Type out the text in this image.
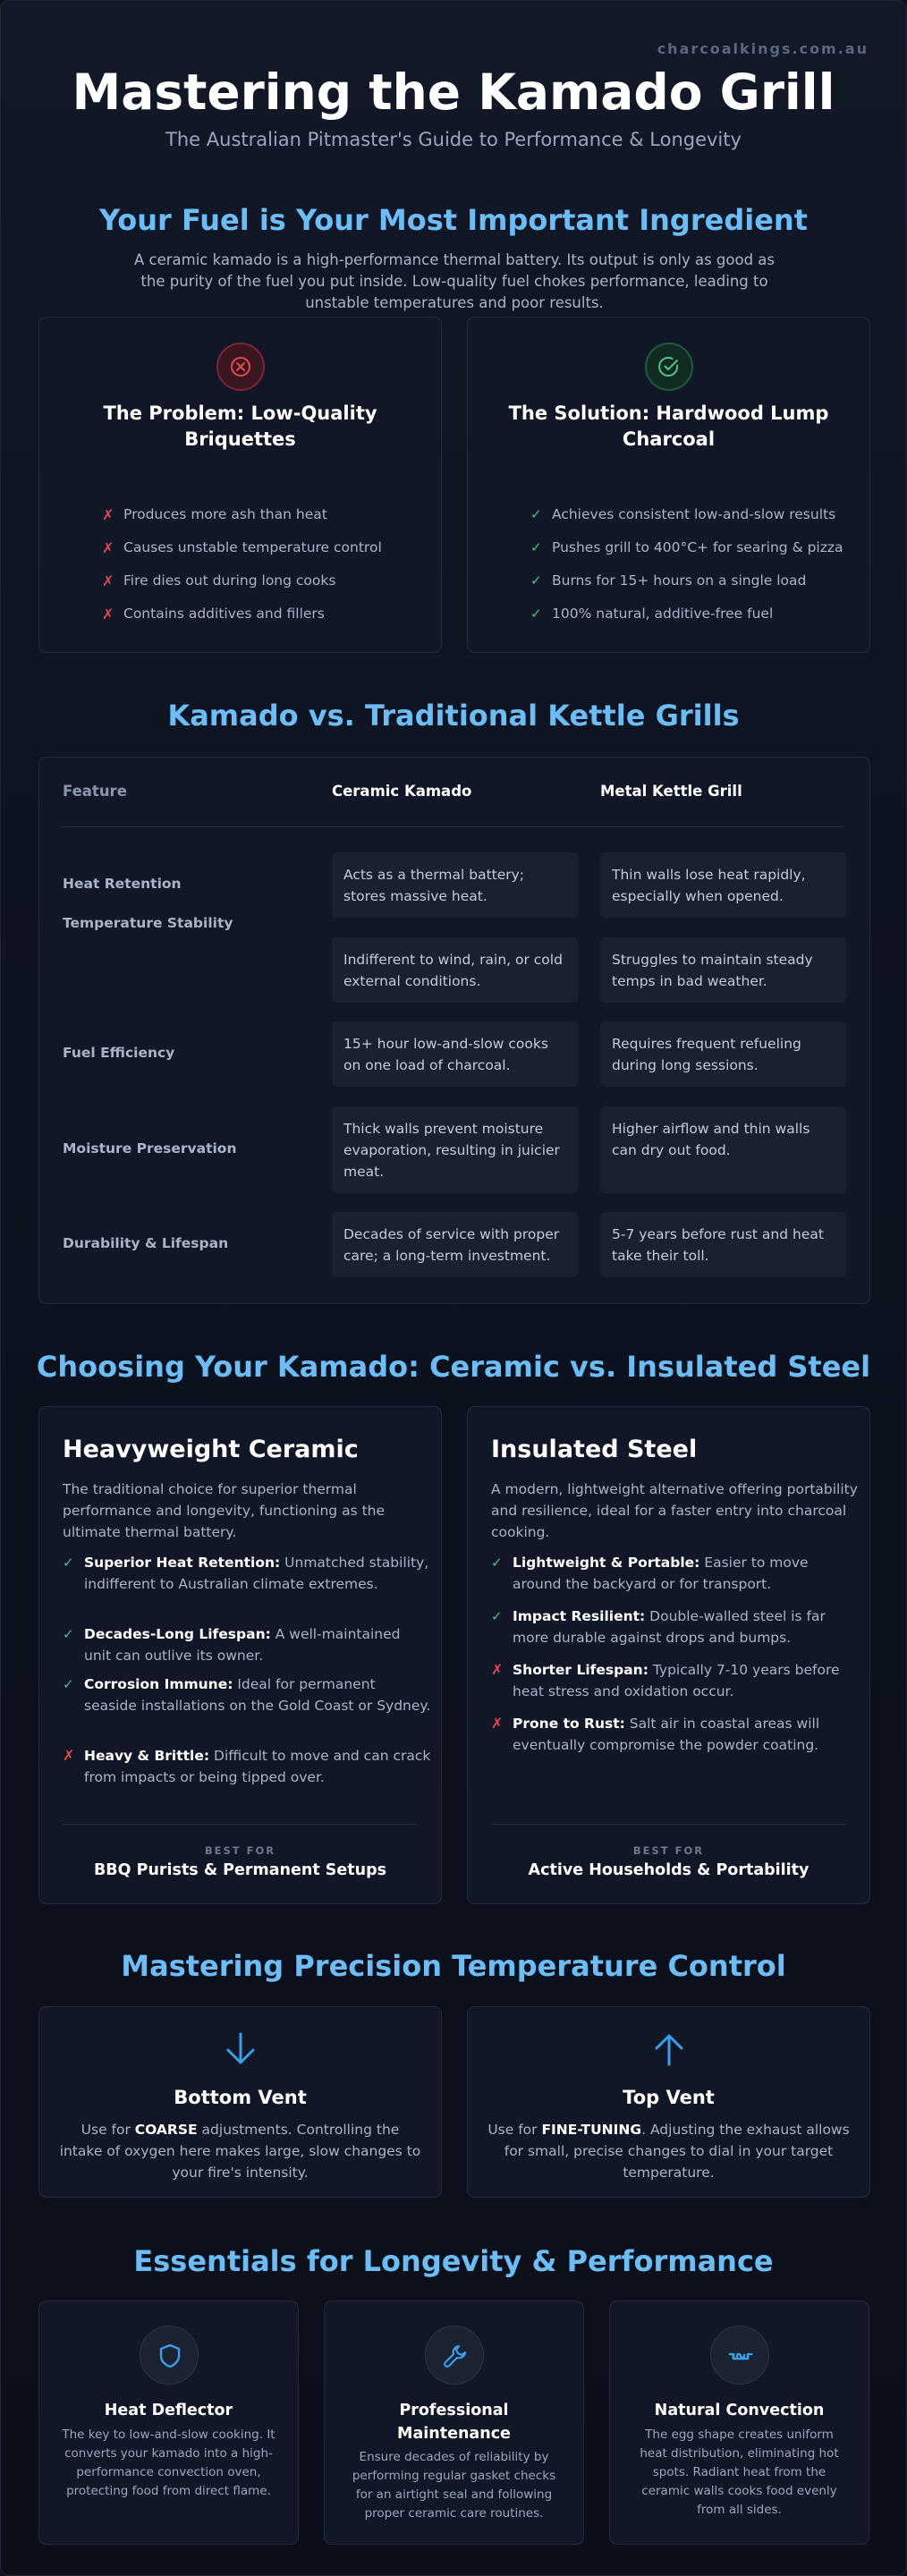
charcoalkings.com.au
Mastering the Kamado Grill
The Australian Pitmaster's Guide to Performance & Longevity
Your Fuel is Your Most Important Ingredient
A ceramic kamado is a high-performance thermal battery. Its output is only as good as the purity of the fuel you put inside. Low-quality fuel chokes performance, leading to unstable temperatures and poor results.
The Problem: Low-Quality Briquettes
✗ Produces more ash than heat
✗ Causes unstable temperature control
✗ Fire dies out during long cooks
✗ Contains additives and fillers
The Solution: Hardwood Lump Charcoal
✓ Achieves consistent low-and-slow results
✓ Pushes grill to 400°C+ for searing & pizza
✓ Burns for 15+ hours on a single load
✓ 100% natural, additive-free fuel
Kamado vs. Traditional Kettle Grills
Feature	Ceramic Kamado	Metal Kettle Grill
Heat Retention
Acts as a thermal battery; stores massive heat.
Thin walls lose heat rapidly, especially when opened.
Temperature Stability
Indifferent to wind, rain, or cold external conditions.
Struggles to maintain steady temps in bad weather.
Fuel Efficiency
15+ hour low-and-slow cooks on one load of charcoal.
Requires frequent refueling during long sessions.
Moisture Preservation
Thick walls prevent moisture evaporation, resulting in juicier meat.
Higher airflow and thin walls can dry out food.
Durability & Lifespan
Decades of service with proper care; a long-term investment.
5-7 years before rust and heat take their toll.
Choosing Your Kamado: Ceramic vs. Insulated Steel
Heavyweight Ceramic
The traditional choice for superior thermal performance and longevity, functioning as the ultimate thermal battery.
✓ Superior Heat Retention: Unmatched stability, indifferent to Australian climate extremes.
✓ Decades-Long Lifespan: A well-maintained unit can outlive its owner.
✓ Corrosion Immune: Ideal for permanent seaside installations on the Gold Coast or Sydney.
✗ Heavy & Brittle: Difficult to move and can crack from impacts or being tipped over.
BEST FOR
BBQ Purists & Permanent Setups
Insulated Steel
A modern, lightweight alternative offering portability and resilience, ideal for a faster entry into charcoal cooking.
✓ Lightweight & Portable: Easier to move around the backyard or for transport.
✓ Impact Resilient: Double-walled steel is far more durable against drops and bumps.
✗ Shorter Lifespan: Typically 7-10 years before heat stress and oxidation occur.
✗ Prone to Rust: Salt air in coastal areas will eventually compromise the powder coating.
BEST FOR
Active Households & Portability
Mastering Precision Temperature Control
Bottom Vent

Use for COARSE adjustments. Controlling the intake of oxygen here makes large, slow changes to your fire's intensity.

Top Vent

Use for FINE-TUNING. Adjusting the exhaust allows for small, precise changes to dial in your target temperature.

Essentials for Longevity & Performance
Heat Deflector

The key to low-and-slow cooking. It converts your kamado into a high-performance convection oven, protecting food from direct flame.

Professional Maintenance

Ensure decades of reliability by performing regular gasket checks for an airtight seal and following proper ceramic care routines.

Natural Convection

The egg shape creates uniform heat distribution, eliminating hot spots. Radiant heat from the ceramic walls cooks food evenly from all sides.
